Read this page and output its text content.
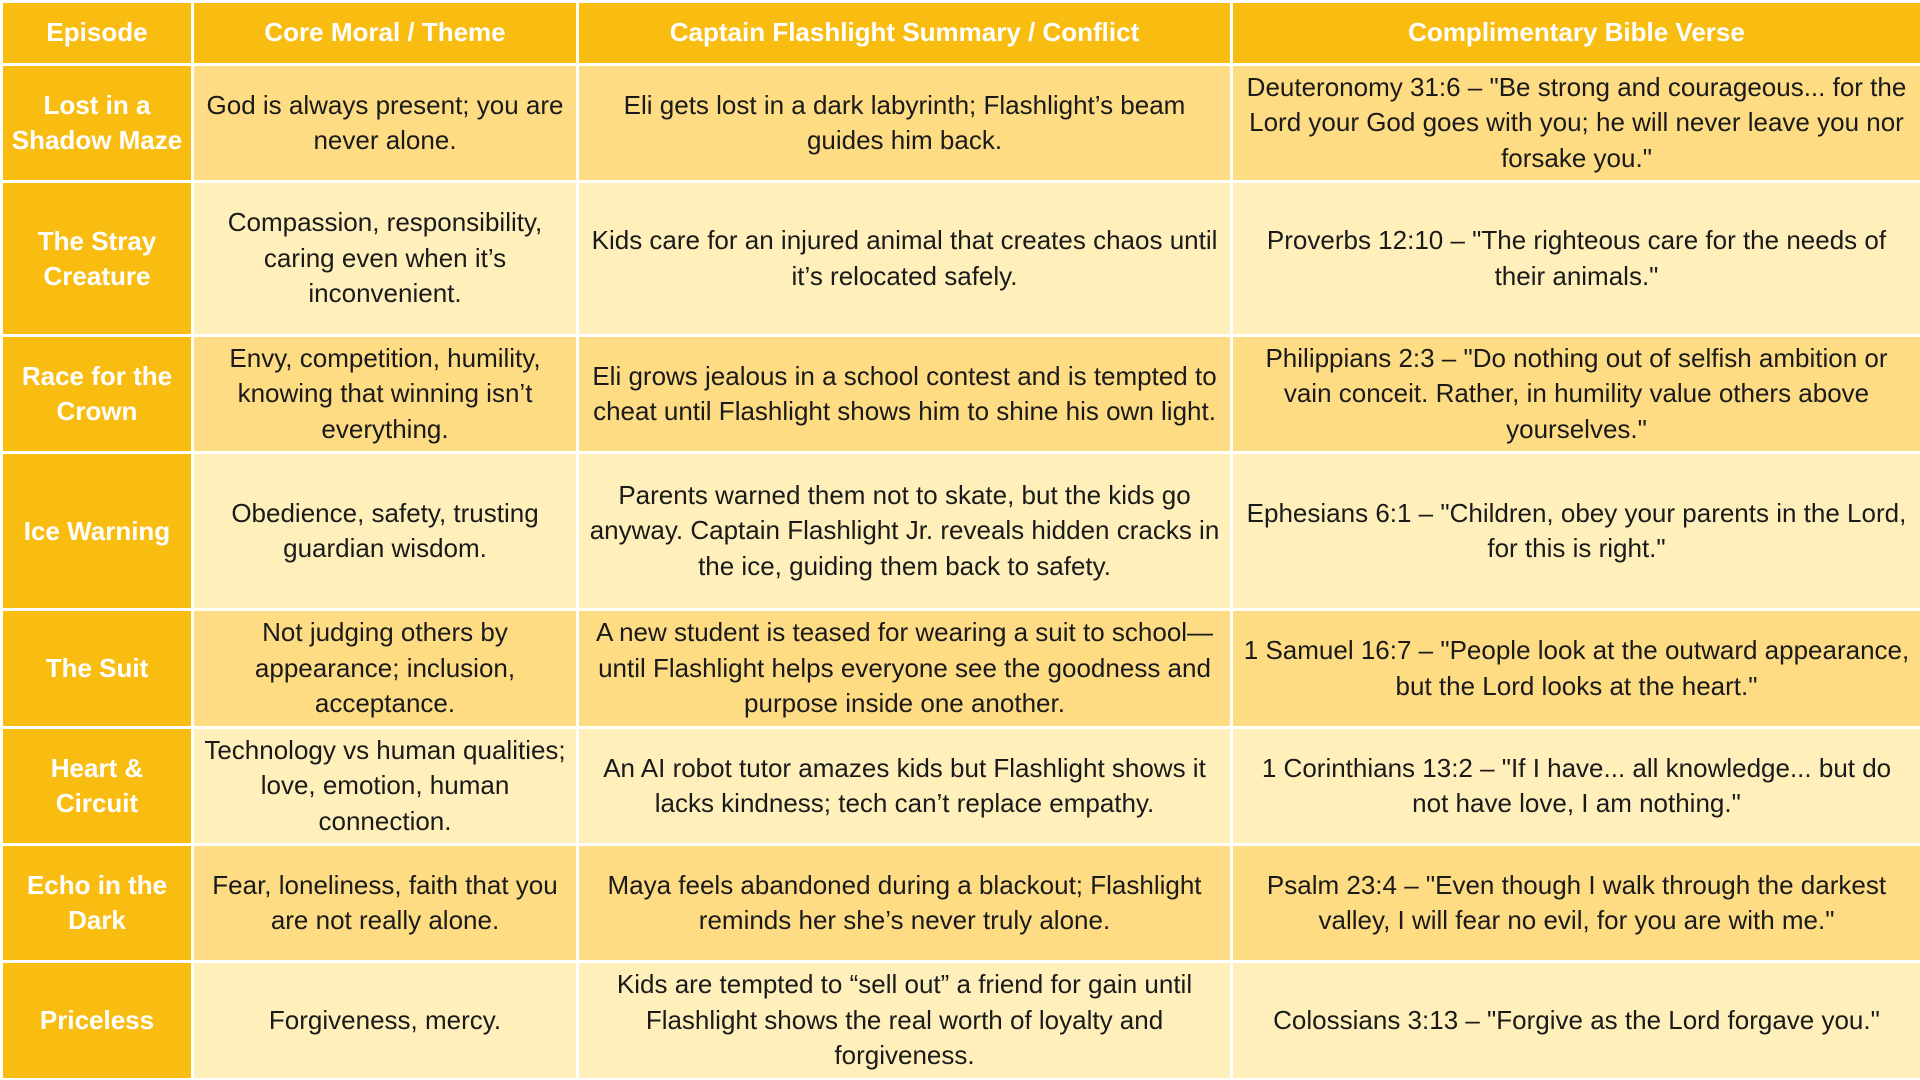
Episode	Core Moral / Theme	Captain Flashlight Summary / Conflict	Complimentary Bible Verse
Lost in a Shadow Maze	God is always present; you are never alone.	Eli gets lost in a dark labyrinth; Flashlight’s beam guides him back.	Deuteronomy 31:6 – "Be strong and courageous... for the Lord your God goes with you; he will never leave you nor forsake you."
The Stray Creature	Compassion, responsibility, caring even when it’s inconvenient.	Kids care for an injured animal that creates chaos until it’s relocated safely.	Proverbs 12:10 – "The righteous care for the needs of their animals."
Race for the Crown	Envy, competition, humility, knowing that winning isn’t everything.	Eli grows jealous in a school contest and is tempted to cheat until Flashlight shows him to shine his own light.	Philippians 2:3 – "Do nothing out of selfish ambition or vain conceit. Rather, in humility value others above yourselves."
Ice Warning	Obedience, safety, trusting guardian wisdom.	Parents warned them not to skate, but the kids go anyway. Captain Flashlight Jr. reveals hidden cracks in the ice, guiding them back to safety.	Ephesians 6:1 – "Children, obey your parents in the Lord, for this is right."
The Suit	Not judging others by appearance; inclusion, acceptance.	A new student is teased for wearing a suit to school—until Flashlight helps everyone see the goodness and purpose inside one another.	1 Samuel 16:7 – "People look at the outward appearance, but the Lord looks at the heart."
Heart & Circuit	Technology vs human qualities; love, emotion, human connection.	An AI robot tutor amazes kids but Flashlight shows it lacks kindness; tech can’t replace empathy.	1 Corinthians 13:2 – "If I have... all knowledge... but do not have love, I am nothing."
Echo in the Dark	Fear, loneliness, faith that you are not really alone.	Maya feels abandoned during a blackout; Flashlight reminds her she’s never truly alone.	Psalm 23:4 – "Even though I walk through the darkest valley, I will fear no evil, for you are with me."
Priceless	Forgiveness, mercy.	Kids are tempted to “sell out” a friend for gain until Flashlight shows the real worth of loyalty and forgiveness.	Colossians 3:13 – "Forgive as the Lord forgave you."
